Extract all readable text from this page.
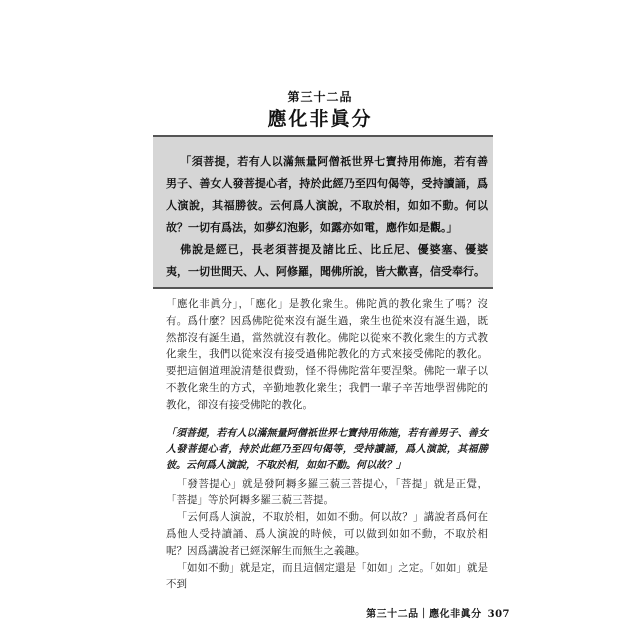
第三十二品
應化非眞分

「須菩提，若有人以滿無量阿僧祇世界七寶持用佈施，若有善男子、善女人發菩提心者，持於此經乃至四句偈等，受持讀誦，爲人演說，其福勝彼。云何爲人演說，不取於相，如如不動。何以故？一切有爲法，如夢幻泡影，如露亦如電，應作如是觀。」

佛說是經已，長老須菩提及諸比丘、比丘尼、優婆塞、優婆夷，一切世間天、人、阿修羅，聞佛所說，皆大歡喜，信受奉行。

「應化非眞分」，「應化」是教化衆生。佛陀眞的教化衆生了嗎？沒有。爲什麼？因爲佛陀從來沒有誕生過，衆生也從來沒有誕生過，既然都沒有誕生過，當然就沒有教化。佛陀以從來不教化衆生的方式教化衆生，我們以從來沒有接受過佛陀教化的方式來接受佛陀的教化。要把這個道理說清楚很費勁，怪不得佛陀當年要涅槃。佛陀一輩子以不教化衆生的方式，辛勤地教化衆生；我們一輩子辛苦地學習佛陀的教化，卻沒有接受佛陀的教化。

「須菩提，若有人以滿無量阿僧祇世界七寶持用佈施，若有善男子、善女人發菩提心者，持於此經乃至四句偈等，受持讀誦，爲人演說，其福勝彼。云何爲人演說，不取於相，如如不動。何以故？」

「發菩提心」就是發阿耨多羅三藐三菩提心，「菩提」就是正覺，「菩提」等於阿耨多羅三藐三菩提。

「云何爲人演說，不取於相，如如不動。何以故？」講說者爲何在爲他人受持讀誦、爲人演說的時候，可以做到如如不動，不取於相呢？因爲講說者已經深解生而無生之義趣。

「如如不動」就是定，而且這個定還是「如如」之定。「如如」就是不到

第三十二品｜應化非眞分 307
